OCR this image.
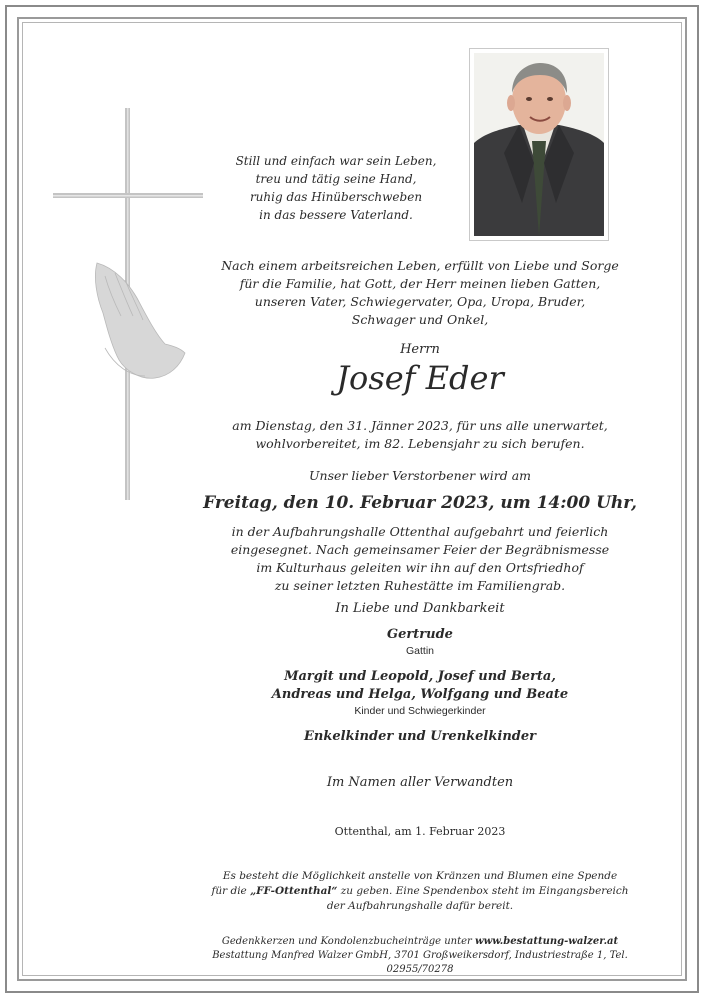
Still und einfach war sein Leben,
treu und tätig seine Hand,
ruhig das Hinüberschweben
in das bessere Vaterland.
Nach einem arbeitsreichen Leben, erfüllt von Liebe und Sorge
für die Familie, hat Gott, der Herr meinen lieben Gatten,
unseren Vater, Schwiegervater, Opa, Uropa, Bruder,
Schwager und Onkel,
Herrn
Josef Eder
am Dienstag, den 31. Jänner 2023, für uns alle unerwartet,
wohlvorbereitet, im 82. Lebensjahr zu sich berufen.
Unser lieber Verstorbener wird am
Freitag, den 10. Februar 2023, um 14:00 Uhr,
in der Aufbahrungshalle Ottenthal aufgebahrt und feierlich
eingesegnet. Nach gemeinsamer Feier der Begräbnismesse
im Kulturhaus geleiten wir ihn auf den Ortsfriedhof
zu seiner letzten Ruhestätte im Familiengrab.
In Liebe und Dankbarkeit
Gertrude
Gattin
Margit und Leopold, Josef und Berta,
Andreas und Helga, Wolfgang und Beate
Kinder und Schwiegerkinder
Enkelkinder und Urenkelkinder
Im Namen aller Verwandten
Ottenthal, am 1. Februar 2023
Es besteht die Möglichkeit anstelle von Kränzen und Blumen eine Spende
für die „FF-Ottenthal“ zu geben. Eine Spendenbox steht im Eingangsbereich
der Aufbahrungshalle dafür bereit.
Gedenkkerzen und Kondolenzbucheinträge unter www.bestattung-walzer.at
Bestattung Manfred Walzer GmbH, 3701 Großweikersdorf, Industriestraße 1, Tel. 02955/70278
